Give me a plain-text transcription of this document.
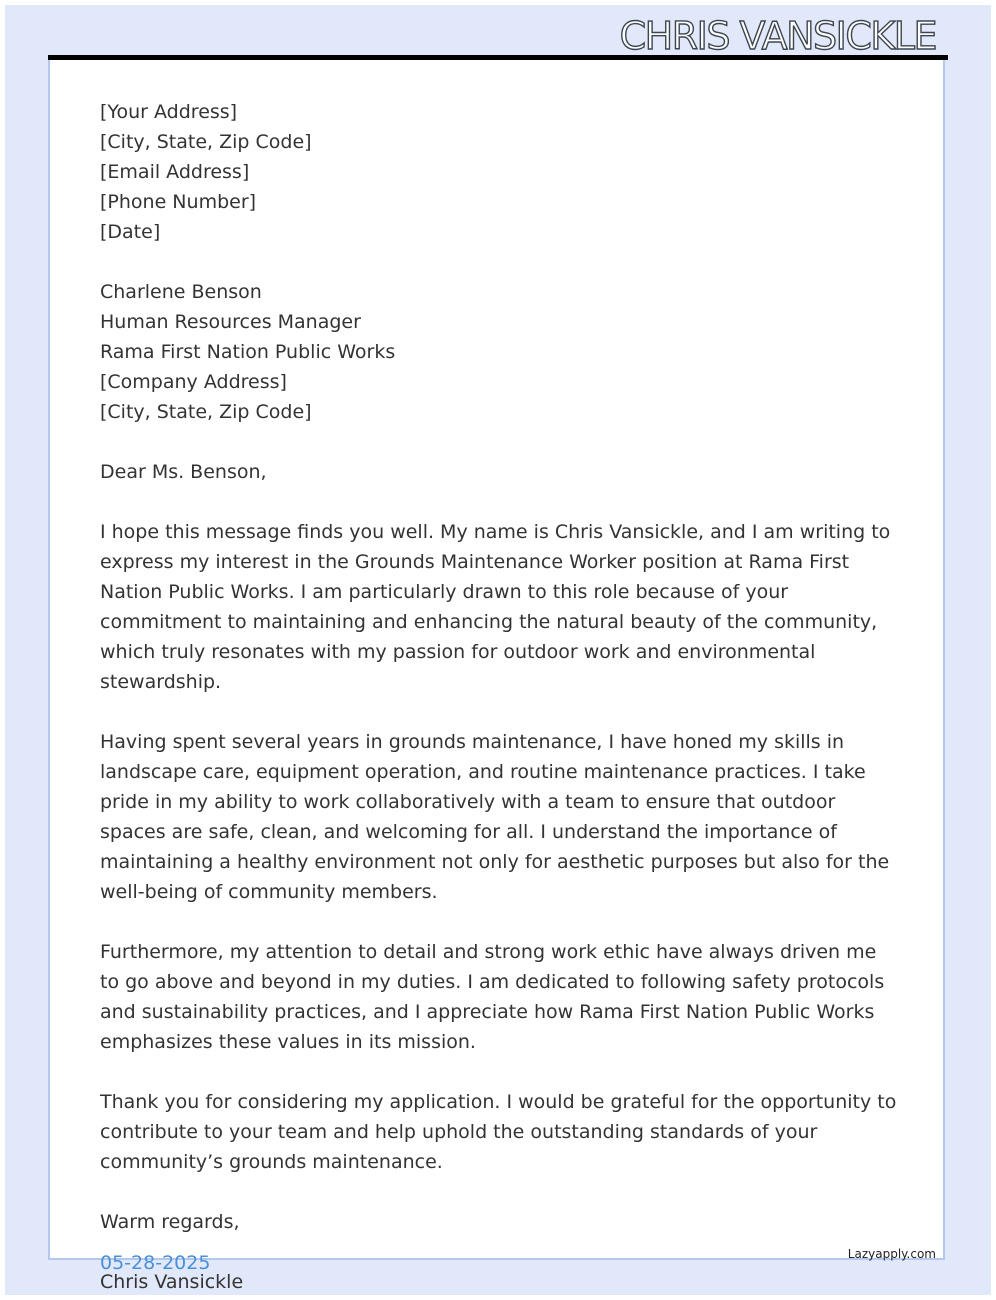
CHRIS VANSICKLE
[Your Address]
[City, State, Zip Code]
[Email Address]
[Phone Number]
[Date]
Charlene Benson
Human Resources Manager
Rama First Nation Public Works
[Company Address]
[City, State, Zip Code]
Dear Ms. Benson,

I hope this message finds you well. My name is Chris Vansickle, and I am writing to express my interest in the Grounds Maintenance Worker position at Rama First Nation Public Works. I am particularly drawn to this role because of your commitment to maintaining and enhancing the natural beauty of the community, which truly resonates with my passion for outdoor work and environmental stewardship.

Having spent several years in grounds maintenance, I have honed my skills in landscape care, equipment operation, and routine maintenance practices. I take pride in my ability to work collaboratively with a team to ensure that outdoor spaces are safe, clean, and welcoming for all. I understand the importance of maintaining a healthy environment not only for aesthetic purposes but also for the well-being of community members.

Furthermore, my attention to detail and strong work ethic have always driven me to go above and beyond in my duties. I am dedicated to following safety protocols and sustainability practices, and I appreciate how Rama First Nation Public Works emphasizes these values in its mission.

Thank you for considering my application. I would be grateful for the opportunity to contribute to your team and help uphold the outstanding standards of your community’s grounds maintenance.

Warm regards,
Chris Vansickle
05-28-2025	Lazyapply.com
